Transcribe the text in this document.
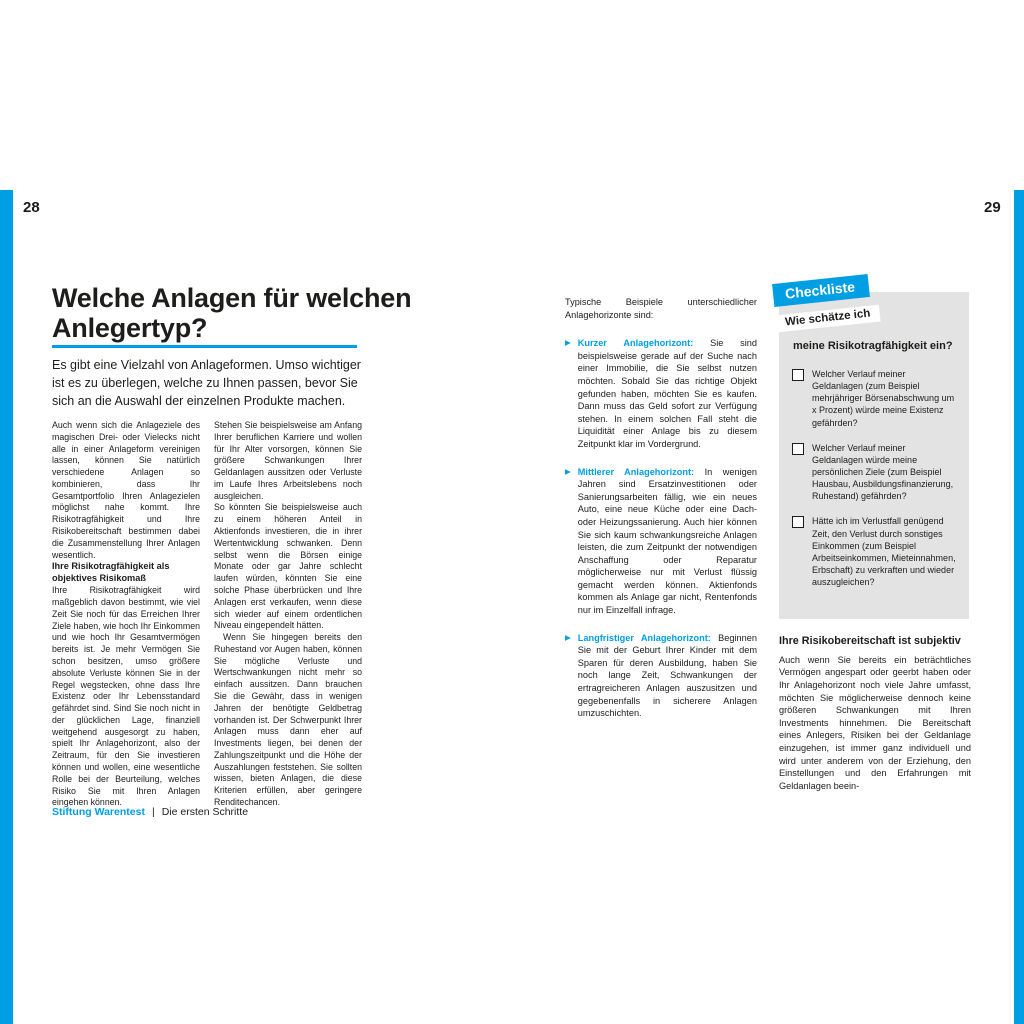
28	29
Welche Anlagen für welchen Anlegertyp?
Es gibt eine Vielzahl von Anlageformen. Umso wichtiger ist es zu überlegen, welche zu Ihnen passen, bevor Sie sich an die Auswahl der einzelnen Produkte machen.

Auch wenn sich die Anlageziele des magischen Drei- oder Vielecks nicht alle in einer Anlageform vereinigen lassen, können Sie natürlich verschiedene Anlagen so kombinieren, dass Ihr Gesamtportfolio Ihren Anlagezielen möglichst nahe kommt. Ihre Risikotragfähigkeit und Ihre Risikobereitschaft bestimmen dabei die Zusammenstellung Ihrer Anlagen wesentlich.

Ihre Risikotragfähigkeit als objektives Risikomaß

Ihre Risikotragfähigkeit wird maßgeblich davon bestimmt, wie viel Zeit Sie noch für das Erreichen Ihrer Ziele haben, wie hoch Ihr Einkommen und wie hoch Ihr Gesamtvermögen bereits ist. Je mehr Vermögen Sie schon besitzen, umso größere absolute Verluste können Sie in der Regel wegstecken, ohne dass Ihre Existenz oder Ihr Lebensstandard gefährdet sind. Sind Sie noch nicht in der glücklichen Lage, finanziell weitgehend ausgesorgt zu haben, spielt Ihr Anlagehorizont, also der Zeitraum, für den Sie investieren können und wollen, eine wesentliche Rolle bei der Beurteilung, welches Risiko Sie mit Ihren Anlagen eingehen können.

Stehen Sie beispielsweise am Anfang Ihrer beruflichen Karriere und wollen für Ihr Alter vorsorgen, können Sie größere Schwankungen Ihrer Geldanlagen aussitzen oder Verluste im Laufe Ihres Arbeitslebens noch ausgleichen.

So könnten Sie beispielsweise auch zu einem höheren Anteil in Aktienfonds investieren, die in ihrer Wertentwicklung schwanken. Denn selbst wenn die Börsen einige Monate oder gar Jahre schlecht laufen würden, könnten Sie eine solche Phase überbrücken und Ihre Anlagen erst verkaufen, wenn diese sich wieder auf einem ordentlichen Niveau eingependelt hätten.

Wenn Sie hingegen bereits den Ruhestand vor Augen haben, können Sie mögliche Verluste und Wertschwankungen nicht mehr so einfach aussitzen. Dann brauchen Sie die Gewähr, dass in wenigen Jahren der benötigte Geldbetrag vorhanden ist. Der Schwerpunkt Ihrer Anlagen muss dann eher auf Investments liegen, bei denen der Zahlungszeitpunkt und die Höhe der Auszahlungen feststehen. Sie sollten wissen, bieten Anlagen, die diese Kriterien erfüllen, aber geringere Renditechancen.

Stiftung Warentest | Die ersten Schritte

Typische Beispiele unterschiedlicher Anlagehorizonte sind:

▶ Kurzer Anlagehorizont: Sie sind beispielsweise gerade auf der Suche nach einer Immobilie, die Sie selbst nutzen möchten. Sobald Sie das richtige Objekt gefunden haben, möchten Sie es kaufen. Dann muss das Geld sofort zur Verfügung stehen. In einem solchen Fall steht die Liquidität einer Anlage bis zu diesem Zeitpunkt klar im Vordergrund.
▶ Mittlerer Anlagehorizont: In wenigen Jahren sind Ersatzinvestitionen oder Sanierungsarbeiten fällig, wie ein neues Auto, eine neue Küche oder eine Dach- oder Heizungssanierung. Auch hier können Sie sich kaum schwankungsreiche Anlagen leisten, die zum Zeitpunkt der notwendigen Anschaffung oder Reparatur möglicherweise nur mit Verlust flüssig gemacht werden können. Aktienfonds kommen als Anlage gar nicht, Rentenfonds nur im Einzelfall infrage.
▶ Langfristiger Anlagehorizont: Beginnen Sie mit der Geburt Ihrer Kinder mit dem Sparen für deren Ausbildung, haben Sie noch lange Zeit, Schwankungen der ertragreicheren Anlagen auszusitzen und gegebenenfalls in sicherere Anlagen umzuschichten.
Checkliste
Wie schätze ich
meine Risikotragfähigkeit ein?
Welcher Verlauf meiner Geldanlagen (zum Beispiel mehrjähriger Börsenabschwung um x Prozent) würde meine Existenz gefährden?
Welcher Verlauf meiner Geldanlagen würde meine persönlichen Ziele (zum Beispiel Hausbau, Ausbildungsfinanzierung, Ruhestand) gefährden?
Hätte ich im Verlustfall genügend Zeit, den Verlust durch sonstiges Einkommen (zum Beispiel Arbeitseinkommen, Mieteinnahmen, Erbschaft) zu verkraften und wieder auszugleichen?
Ihre Risikobereitschaft ist subjektiv

Auch wenn Sie bereits ein beträchtliches Vermögen angespart oder geerbt haben oder Ihr Anlagehorizont noch viele Jahre umfasst, möchten Sie möglicherweise dennoch keine größeren Schwankungen mit Ihren Investments hinnehmen. Die Bereitschaft eines Anlegers, Risiken bei der Geldanlage einzugehen, ist immer ganz individuell und wird unter anderem von der Erziehung, den Einstellungen und den Erfahrungen mit Geldanlagen beein-
